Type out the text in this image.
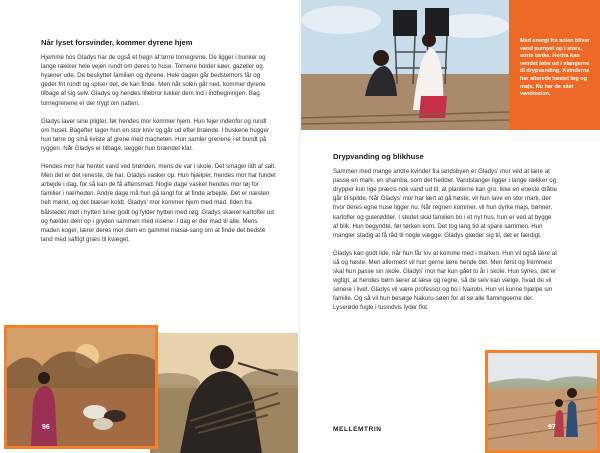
Når lyset forsvinder, kommer dyrene hjem

Hjemme hos Gladys har de også et hegn af tørre tornegrene. De ligger i bunker og lange rækker hele vejen rundt om deres to huse. Tornene holder køer, gazeller og hyæner ude. De beskytter familien og dyrene. Hele dagen går bedstemors får og geder frit rundt og spiser det, de kan finde. Men når solen går ned, kommer dyrene tilbage af sig selv. Gladys og hendes lillebror lukker dem ind i indhegningen. Bag tornegrenene er der trygt om natten.

Gladys laver sine pligter, før hendes mor kommer hjem. Hun fejer indenfor og rundt om huset. Bagefter tager hun en stor kniv og går ud efter brænde. I buskene hugger hun tørre og små kviste af grene med macheten. Hun samler grenene i et bundt på ryggen. Når Gladys er tilbage, lægger hun brændet klar.

Hendes mor har hentet vand ved brønden, mens de var i skole. Det smager lidt af salt. Men det er det reneste, de har. Gladys vasker op. Hun hjælper, hendes mor har fundet arbejde i dag, for så kan de få aftensmad. Nogle dage vasker hendes mor tøj for familier i nærheden. Andre dage må hun gå langt for at finde arbejde. Det er næsten helt mørkt, og det blæser koldt. Gladys' mor kommer hjem med mad. Ilden fra bålstedet midt i hytten luner godt og fylder hytten med røg. Gladys skærer kartofler ud og hælder dem op i gryden sammen med nisene. I dag er der mad til alle. Mens maden koger, lærer deres mor dem en gammel masai-sang om at finde det bedste land med saftigt græs til kvæget.

96

Med energi fra solen bliver vand pumpet op i store, sorte tanke. Herfra kan vandet løbe ud i slangerne til drypvanding. Kvinderne har allerede høstet løg og majs. Nu har de sået vandmelon.

Drypvanding og blikhuse

Sammen med mange andre kvinder fra landsbyen er Gladys' mor ved at lære at passe en mark, en shamba, som det hedder. Vandslanger ligger i lange rækker og drypper kun lige præcis nok vand ud til, at planterne kan gro. Ikke en eneste dråbe går til spilde. Når Gladys' mor har lært at gå høste, vil hun lave en stor mark, der hvor deres egne huse ligger nu. Når regnen kommer, vil hun dyrke majs, bønner, kartofler og gulerødder. I stedet skal familien bo i et nyt hus, hun er ved at bygge af blik. Hun begyndte, før tørken kom. Det tog lang tid at spare sammen. Hun mangler stadig at få råd til nogle vægge. Gladys glæder sig til, det er færdigt.

Gladys kan godt lide, når hun får lov at komme med i marken. Hun vil også lære at så og høste. Men allermest vil hun gerne lære hende det. Men først og fremmest skal hun passe sin skole. Gladys' mor har kun gået to år i skole. Hun synes, det er vigtigt, at hendes børn lærer at læse og regne, så de selv kan vælge, hvad de vil senere i livet. Gladys vil være professor og bo i Nairobi. Hun vil kunne hjælpe sin familie. Og så vil hun besøge Nakuru-søen for at se alle flamingoerne der. Lyserøde fugle i tusindvis lyder flot.

MELLEMTRIN	97
